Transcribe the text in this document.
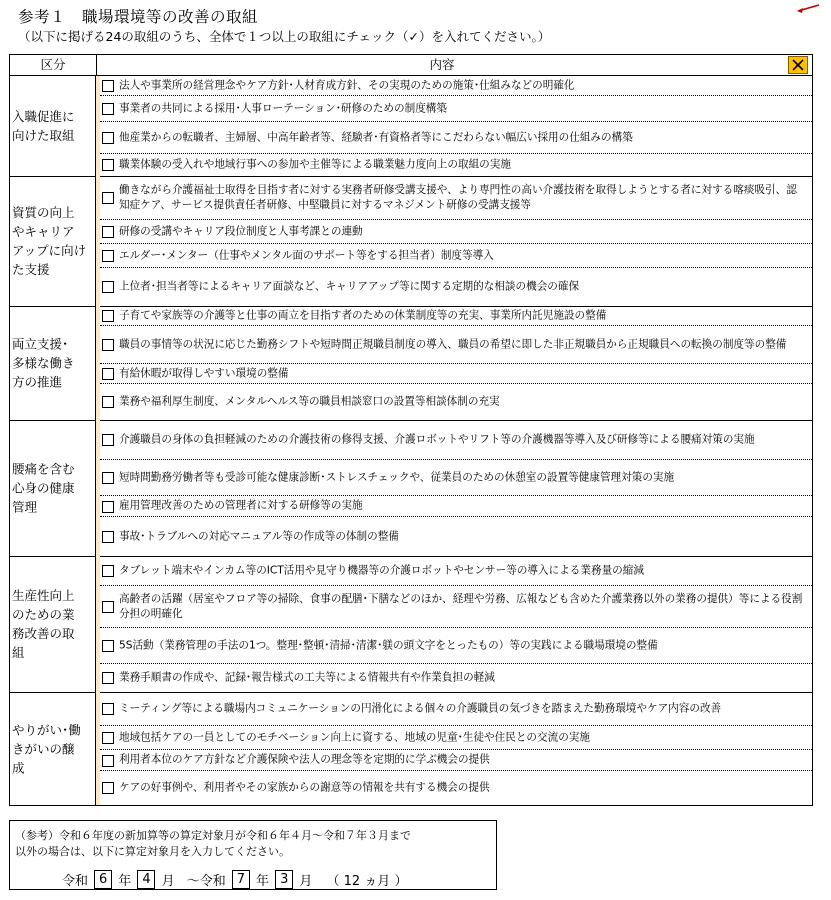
参考１　職場環境等の改善の取組
（以下に掲げる24の取組のうち、全体で１つ以上の取組にチェック（✓）を入れてください。）
区分	内容
入職促進に
向けた取組
法人や事業所の経営理念やケア方針･人材育成方針、その実現のための施策･仕組みなどの明確化
事業者の共同による採用･人事ローテーション･研修のための制度構築
他産業からの転職者、主婦層、中高年齢者等、経験者･有資格者等にこだわらない幅広い採用の仕組みの構築
職業体験の受入れや地域行事への参加や主催等による職業魅力度向上の取組の実施
資質の向上
やキャリア
アップに向け
た支援
働きながら介護福祉士取得を目指す者に対する実務者研修受講支援や、より専門性の高い介護技術を取得しようとする者に対する喀痰吸引、認知症ケア、サービス提供責任者研修、中堅職員に対するマネジメント研修の受講支援等
研修の受講やキャリア段位制度と人事考課との連動
エルダー･メンター（仕事やメンタル面のサポート等をする担当者）制度等導入
上位者･担当者等によるキャリア面談など、キャリアアップ等に関する定期的な相談の機会の確保
両立支援･
多様な働き
方の推進
子育てや家族等の介護等と仕事の両立を目指す者のための休業制度等の充実、事業所内託児施設の整備
職員の事情等の状況に応じた勤務シフトや短時間正規職員制度の導入、職員の希望に即した非正規職員から正規職員への転換の制度等の整備
有給休暇が取得しやすい環境の整備
業務や福利厚生制度、メンタルヘルス等の職員相談窓口の設置等相談体制の充実
腰痛を含む
心身の健康
管理
介護職員の身体の負担軽減のための介護技術の修得支援、介護ロボットやリフト等の介護機器等導入及び研修等による腰痛対策の実施
短時間勤務労働者等も受診可能な健康診断･ストレスチェックや、従業員のための休憩室の設置等健康管理対策の実施
雇用管理改善のための管理者に対する研修等の実施
事故･トラブルへの対応マニュアル等の作成等の体制の整備
生産性向上
のための業
務改善の取
組
タブレット端末やインカム等のICT活用や見守り機器等の介護ロボットやセンサー等の導入による業務量の縮減
高齢者の活躍（居室やフロア等の掃除、食事の配膳･下膳などのほか、経理や労務、広報なども含めた介護業務以外の業務の提供）等による役割分担の明確化
5S活動（業務管理の手法の1つ。整理･整頓･清掃･清潔･躾の頭文字をとったもの）等の実践による職場環境の整備
業務手順書の作成や、記録･報告様式の工夫等による情報共有や作業負担の軽減
やりがい･働
きがいの醸
成
ミーティング等による職場内コミュニケーションの円滑化による個々の介護職員の気づきを踏まえた勤務環境やケア内容の改善
地域包括ケアの一員としてのモチベーション向上に資する、地域の児童･生徒や住民との交流の実施
利用者本位のケア方針など介護保険や法人の理念等を定期的に学ぶ機会の提供
ケアの好事例や、利用者やその家族からの謝意等の情報を共有する機会の提供
（参考）令和６年度の新加算等の算定対象月が令和６年４月～令和７年３月まで
以外の場合は、以下に算定対象月を入力してください。
令和 6 年 4 月 ～令和 7 年 3 月 （ 12 ヵ月 ）
